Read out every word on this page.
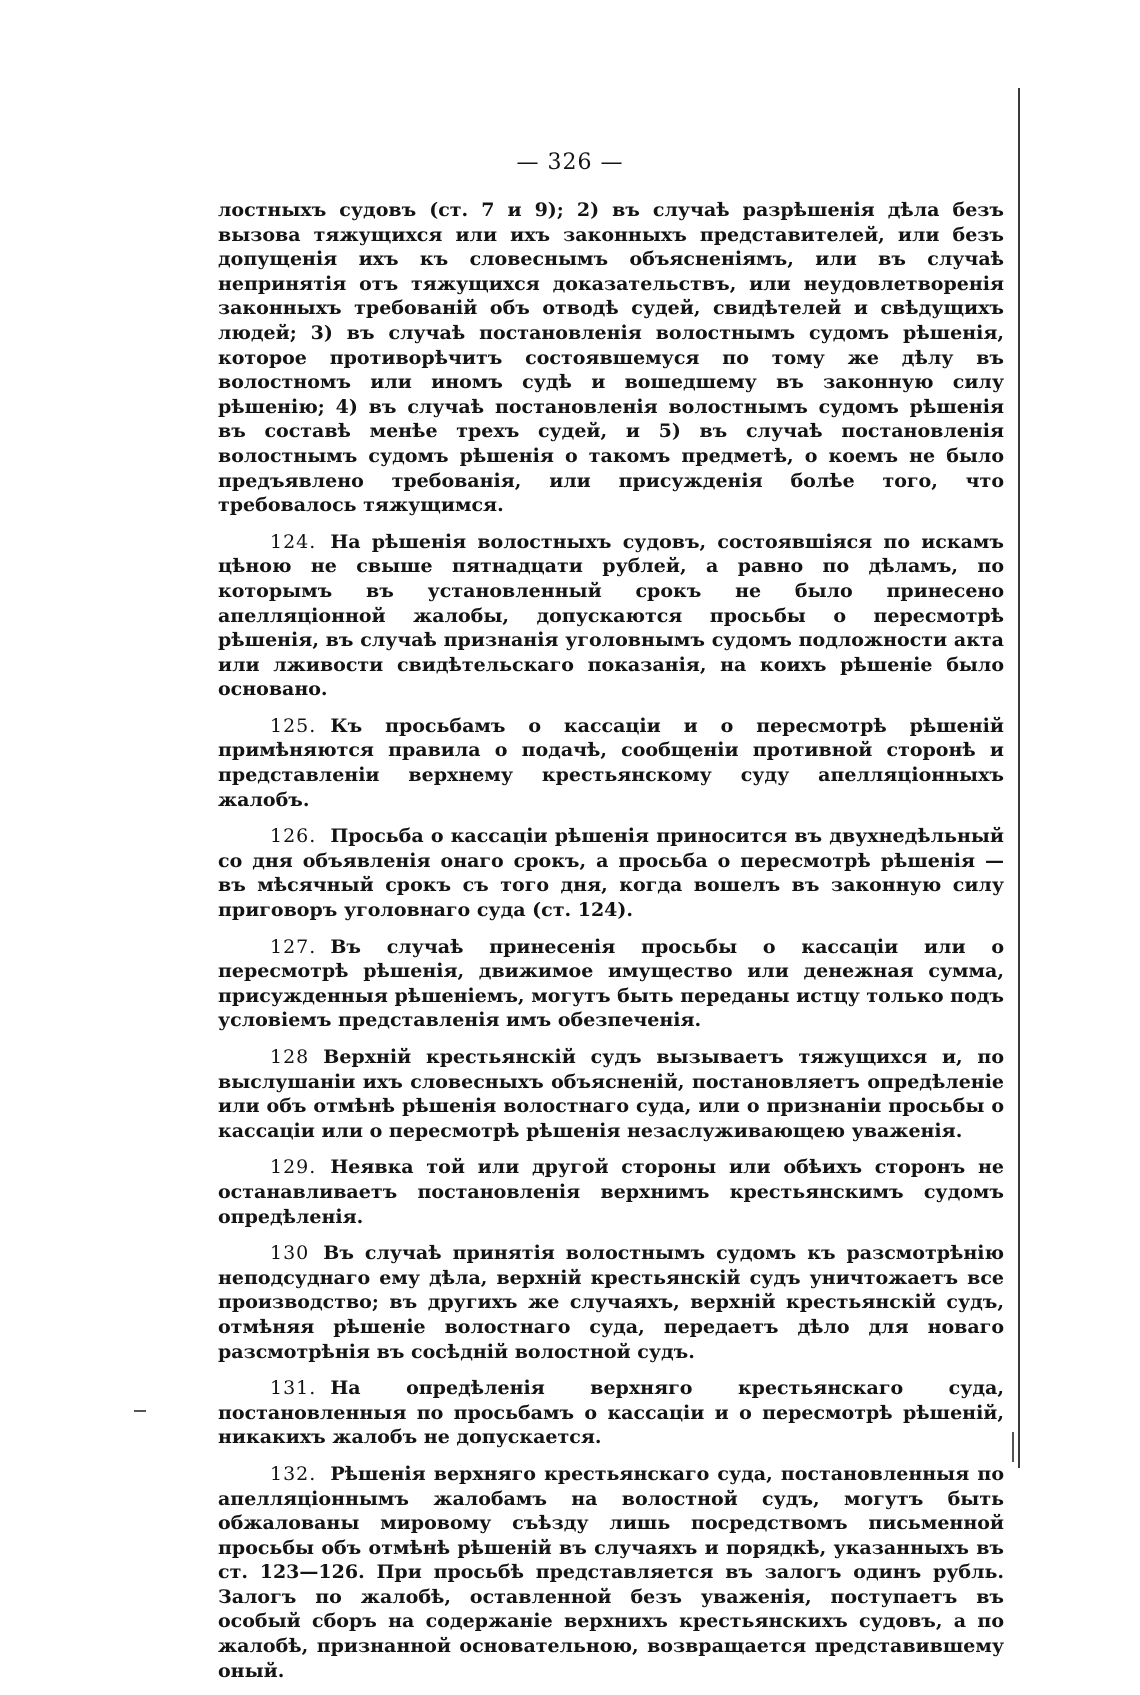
— 326 —

лостныхъ судовъ (ст. 7 и 9); 2) въ случаѣ разрѣшенія дѣла безъ вызова тяжущихся или ихъ законныхъ представителей, или безъ допущенія ихъ къ словеснымъ объясненіямъ, или въ случаѣ непринятія отъ тяжущихся доказательствъ, или неудовлетворенія законныхъ требованій объ отводѣ судей, свидѣтелей и свѣдущихъ людей; 3) въ случаѣ постановленія волостнымъ судомъ рѣшенія, которое противорѣчитъ состоявшемуся по тому же дѣлу въ волостномъ или иномъ судѣ и вошедшему въ законную силу рѣшенію; 4) въ случаѣ постановленія волостнымъ судомъ рѣшенія въ составѣ менѣе трехъ судей, и 5) въ случаѣ постановленія волостнымъ судомъ рѣшенія о такомъ предметѣ, о коемъ не было предъявлено требованія, или присужденія болѣе того, что требовалось тяжущимся.

124. На рѣшенія волостныхъ судовъ, состоявшіяся по искамъ цѣною не свыше пятнадцати рублей, а равно по дѣламъ, по которымъ въ установленный срокъ не было принесено апелляціонной жалобы, допускаются просьбы о пересмотрѣ рѣшенія, въ случаѣ признанія уголовнымъ судомъ подложности акта или лживости свидѣтельскаго показанія, на коихъ рѣшеніе было основано.

125. Къ просьбамъ о кассаціи и о пересмотрѣ рѣшеній примѣняются правила о подачѣ, сообщеніи противной сторонѣ и представленіи верхнему крестьянскому суду апелляціонныхъ жалобъ.

126. Просьба о кассаціи рѣшенія приносится въ двухнедѣльный со дня объявленія онаго срокъ, а просьба о пересмотрѣ рѣшенія — въ мѣсячный срокъ съ того дня, когда вошелъ въ законную силу приговоръ уголовнаго суда (ст. 124).

127. Въ случаѣ принесенія просьбы о кассаціи или о пересмотрѣ рѣшенія, движимое имущество или денежная сумма, присужденныя рѣшеніемъ, могутъ быть переданы истцу только подъ условіемъ представленія имъ обезпеченія.

128 Верхній крестьянскій судъ вызываетъ тяжущихся и, по выслушаніи ихъ словесныхъ объясненій, постановляетъ опредѣленіе или объ отмѣнѣ рѣшенія волостнаго суда, или о признаніи просьбы о кассаціи или о пересмотрѣ рѣшенія незаслуживающею уваженія.

129. Неявка той или другой стороны или обѣихъ сторонъ не останавливаетъ постановленія верхнимъ крестьянскимъ судомъ опредѣленія.

130 Въ случаѣ принятія волостнымъ судомъ къ разсмотрѣнію неподсуднаго ему дѣла, верхній крестьянскій судъ уничтожаетъ все производство; въ другихъ же случаяхъ, верхній крестьянскій судъ, отмѣняя рѣшеніе волостнаго суда, передаетъ дѣло для новаго разсмотрѣнія въ сосѣдній волостной судъ.

131. На опредѣленія верхняго крестьянскаго суда, постановленныя по просьбамъ о кассаціи и о пересмотрѣ рѣшеній, никакихъ жалобъ не допускается.

132. Рѣшенія верхняго крестьянскаго суда, постановленныя по апелляціоннымъ жалобамъ на волостной судъ, могутъ быть обжалованы мировому съѣзду лишь посредствомъ письменной просьбы объ отмѣнѣ рѣшеній въ случаяхъ и порядкѣ, указанныхъ въ ст. 123—126. При просьбѣ представляется въ залогъ одинъ рубль. Залогъ по жалобѣ, оставленной безъ уваженія, поступаетъ въ особый сборъ на содержаніе верхнихъ крестьянскихъ судовъ, а по жалобѣ, признанной основательною, возвращается представившему оный.
